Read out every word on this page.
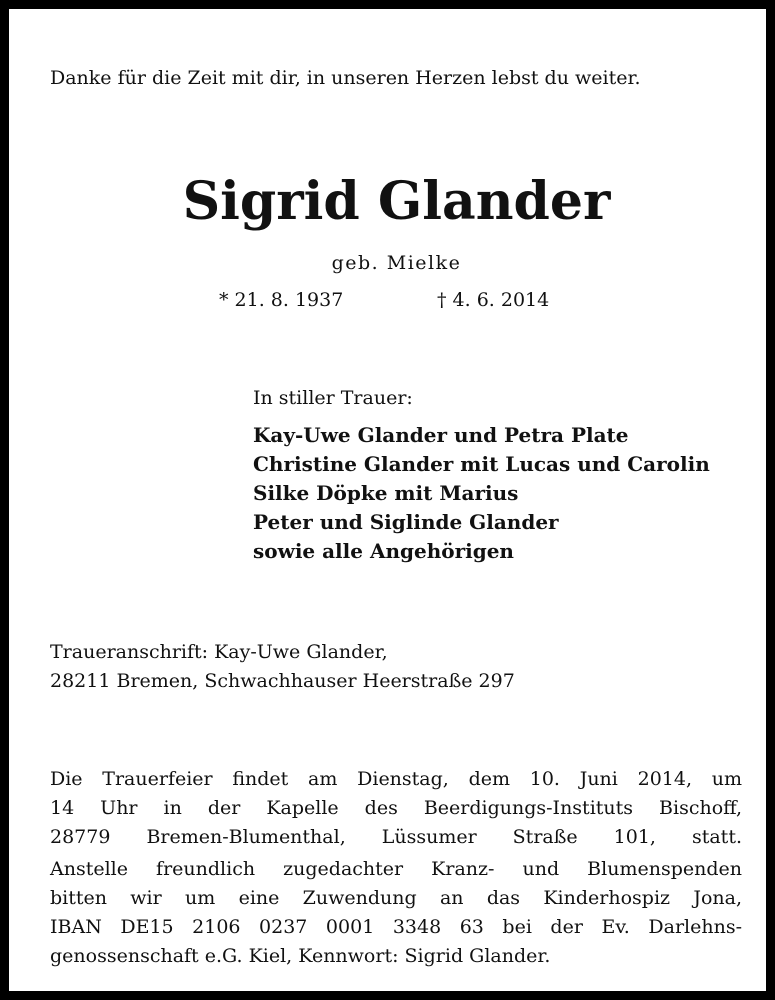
Danke für die Zeit mit dir, in unseren Herzen lebst du weiter.
Sigrid Glander
geb. Mielke
* 21. 8. 1937	† 4. 6. 2014
In stiller Trauer:
Kay-Uwe Glander und Petra Plate
Christine Glander mit Lucas und Carolin
Silke Döpke mit Marius
Peter und Siglinde Glander
sowie alle Angehörigen
Traueranschrift: Kay-Uwe Glander,
28211 Bremen, Schwachhauser Heerstraße 297
Die Trauerfeier findet am Dienstag, dem 10. Juni 2014, um
14 Uhr in der Kapelle des Beerdigungs-Instituts Bischoff,
28779 Bremen-Blumenthal, Lüssumer Straße 101, statt.
Anstelle freundlich zugedachter Kranz- und Blumenspenden
bitten wir um eine Zuwendung an das Kinderhospiz Jona,
IBAN DE15 2106 0237 0001 3348 63 bei der Ev. Darlehns-
genossenschaft e.G. Kiel, Kennwort: Sigrid Glander.
